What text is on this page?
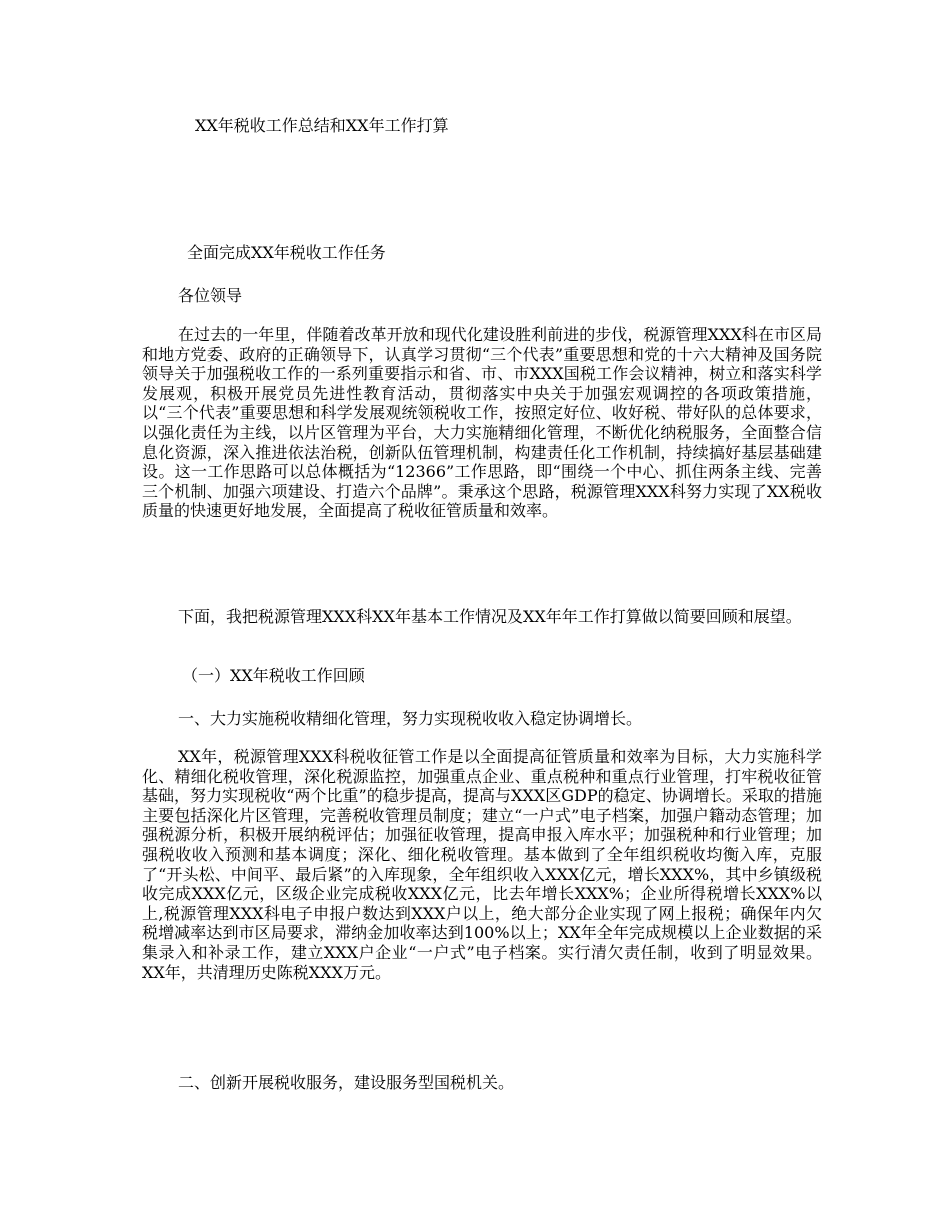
XX年税收工作总结和XX年工作打算
全面完成XX年税收工作任务
各位领导

在过去的一年里，伴随着改革开放和现代化建设胜利前进的步伐，税源管理XXX科在市区局和地方党委、政府的正确领导下，认真学习贯彻“三个代表”重要思想和党的十六大精神及国务院领导关于加强税收工作的一系列重要指示和省、市、市XXX国税工作会议精神，树立和落实科学发展观，积极开展党员先进性教育活动，贯彻落实中央关于加强宏观调控的各项政策措施，以“三个代表”重要思想和科学发展观统领税收工作，按照定好位、收好税、带好队的总体要求，以强化责任为主线，以片区管理为平台，大力实施精细化管理，不断优化纳税服务，全面整合信息化资源，深入推进依法治税，创新队伍管理机制，构建责任化工作机制，持续搞好基层基础建设。这一工作思路可以总体概括为“12366”工作思路，即“围绕一个中心、抓住两条主线、完善三个机制、加强六项建设、打造六个品牌”。秉承这个思路，税源管理XXX科努力实现了XX税收质量的快速更好地发展，全面提高了税收征管质量和效率。

下面，我把税源管理XXX科XX年基本工作情况及XX年年工作打算做以简要回顾和展望。

（一）XX年税收工作回顾
一、大力实施税收精细化管理，努力实现税收收入稳定协调增长。

XX年，税源管理XXX科税收征管工作是以全面提高征管质量和效率为目标，大力实施科学化、精细化税收管理，深化税源监控，加强重点企业、重点税种和重点行业管理，打牢税收征管基础，努力实现税收“两个比重”的稳步提高，提高与XXX区GDP的稳定、协调增长。采取的措施主要包括深化片区管理，完善税收管理员制度；建立“一户式”电子档案，加强户籍动态管理；加强税源分析，积极开展纳税评估；加强征收管理，提高申报入库水平；加强税种和行业管理；加强税收收入预测和基本调度；深化、细化税收管理。基本做到了全年组织税收均衡入库，克服了“开头松、中间平、最后紧”的入库现象，全年组织收入XXX亿元，增长XXX%，其中乡镇级税收完成XXX亿元，区级企业完成税收XXX亿元，比去年增长XXX%；企业所得税增长XXX%以上,税源管理XXX科电子申报户数达到XXX户以上，绝大部分企业实现了网上报税；确保年内欠税增减率达到市区局要求，滞纳金加收率达到100%以上；XX年全年完成规模以上企业数据的采集录入和补录工作，建立XXX户企业“一户式”电子档案。实行清欠责任制，收到了明显效果。XX年，共清理历史陈税XXX万元。

二、创新开展税收服务，建设服务型国税机关。
